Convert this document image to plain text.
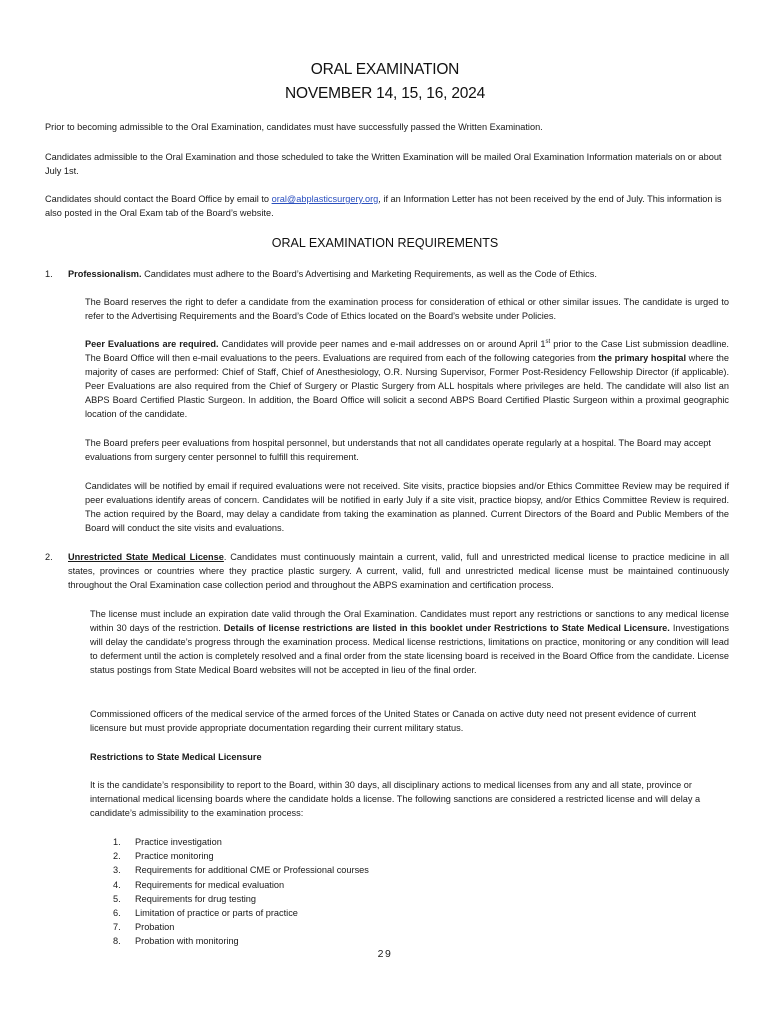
ORAL EXAMINATION
NOVEMBER 14, 15, 16, 2024
Prior to becoming admissible to the Oral Examination, candidates must have successfully passed the Written Examination.
Candidates admissible to the Oral Examination and those scheduled to take the Written Examination will be mailed Oral Examination Information materials on or about July 1st.
Candidates should contact the Board Office by email to oral@abplasticsurgery.org, if an Information Letter has not been received by the end of July. This information is also posted in the Oral Exam tab of the Board’s website.
ORAL EXAMINATION REQUIREMENTS
1. Professionalism. Candidates must adhere to the Board’s Advertising and Marketing Requirements, as well as the Code of Ethics.
The Board reserves the right to defer a candidate from the examination process for consideration of ethical or other similar issues. The candidate is urged to refer to the Advertising Requirements and the Board’s Code of Ethics located on the Board’s website under Policies.
Peer Evaluations are required. Candidates will provide peer names and e-mail addresses on or around April 1st prior to the Case List submission deadline. The Board Office will then e-mail evaluations to the peers. Evaluations are required from each of the following categories from the primary hospital where the majority of cases are performed: Chief of Staff, Chief of Anesthesiology, O.R. Nursing Supervisor, Former Post-Residency Fellowship Director (if applicable). Peer Evaluations are also required from the Chief of Surgery or Plastic Surgery from ALL hospitals where privileges are held. The candidate will also list an ABPS Board Certified Plastic Surgeon. In addition, the Board Office will solicit a second ABPS Board Certified Plastic Surgeon within a proximal geographic location of the candidate.
The Board prefers peer evaluations from hospital personnel, but understands that not all candidates operate regularly at a hospital. The Board may accept evaluations from surgery center personnel to fulfill this requirement.
Candidates will be notified by email if required evaluations were not received. Site visits, practice biopsies and/or Ethics Committee Review may be required if peer evaluations identify areas of concern. Candidates will be notified in early July if a site visit, practice biopsy, and/or Ethics Committee Review is required. The action required by the Board, may delay a candidate from taking the examination as planned. Current Directors of the Board and Public Members of the Board will conduct the site visits and evaluations.
2. Unrestricted State Medical License. Candidates must continuously maintain a current, valid, full and unrestricted medical license to practice medicine in all states, provinces or countries where they practice plastic surgery. A current, valid, full and unrestricted medical license must be maintained continuously throughout the Oral Examination case collection period and throughout the ABPS examination and certification process.
The license must include an expiration date valid through the Oral Examination. Candidates must report any restrictions or sanctions to any medical license within 30 days of the restriction. Details of license restrictions are listed in this booklet under Restrictions to State Medical Licensure. Investigations will delay the candidate’s progress through the examination process. Medical license restrictions, limitations on practice, monitoring or any condition will lead to deferment until the action is completely resolved and a final order from the state licensing board is received in the Board Office from the candidate. License status postings from State Medical Board websites will not be accepted in lieu of the final order.
Commissioned officers of the medical service of the armed forces of the United States or Canada on active duty need not present evidence of current licensure but must provide appropriate documentation regarding their current military status.
Restrictions to State Medical Licensure
It is the candidate’s responsibility to report to the Board, within 30 days, all disciplinary actions to medical licenses from any and all state, province or international medical licensing boards where the candidate holds a license. The following sanctions are considered a restricted license and will delay a candidate’s admissibility to the examination process:
1. Practice investigation
2. Practice monitoring
3. Requirements for additional CME or Professional courses
4. Requirements for medical evaluation
5. Requirements for drug testing
6. Limitation of practice or parts of practice
7. Probation
8. Probation with monitoring
29
